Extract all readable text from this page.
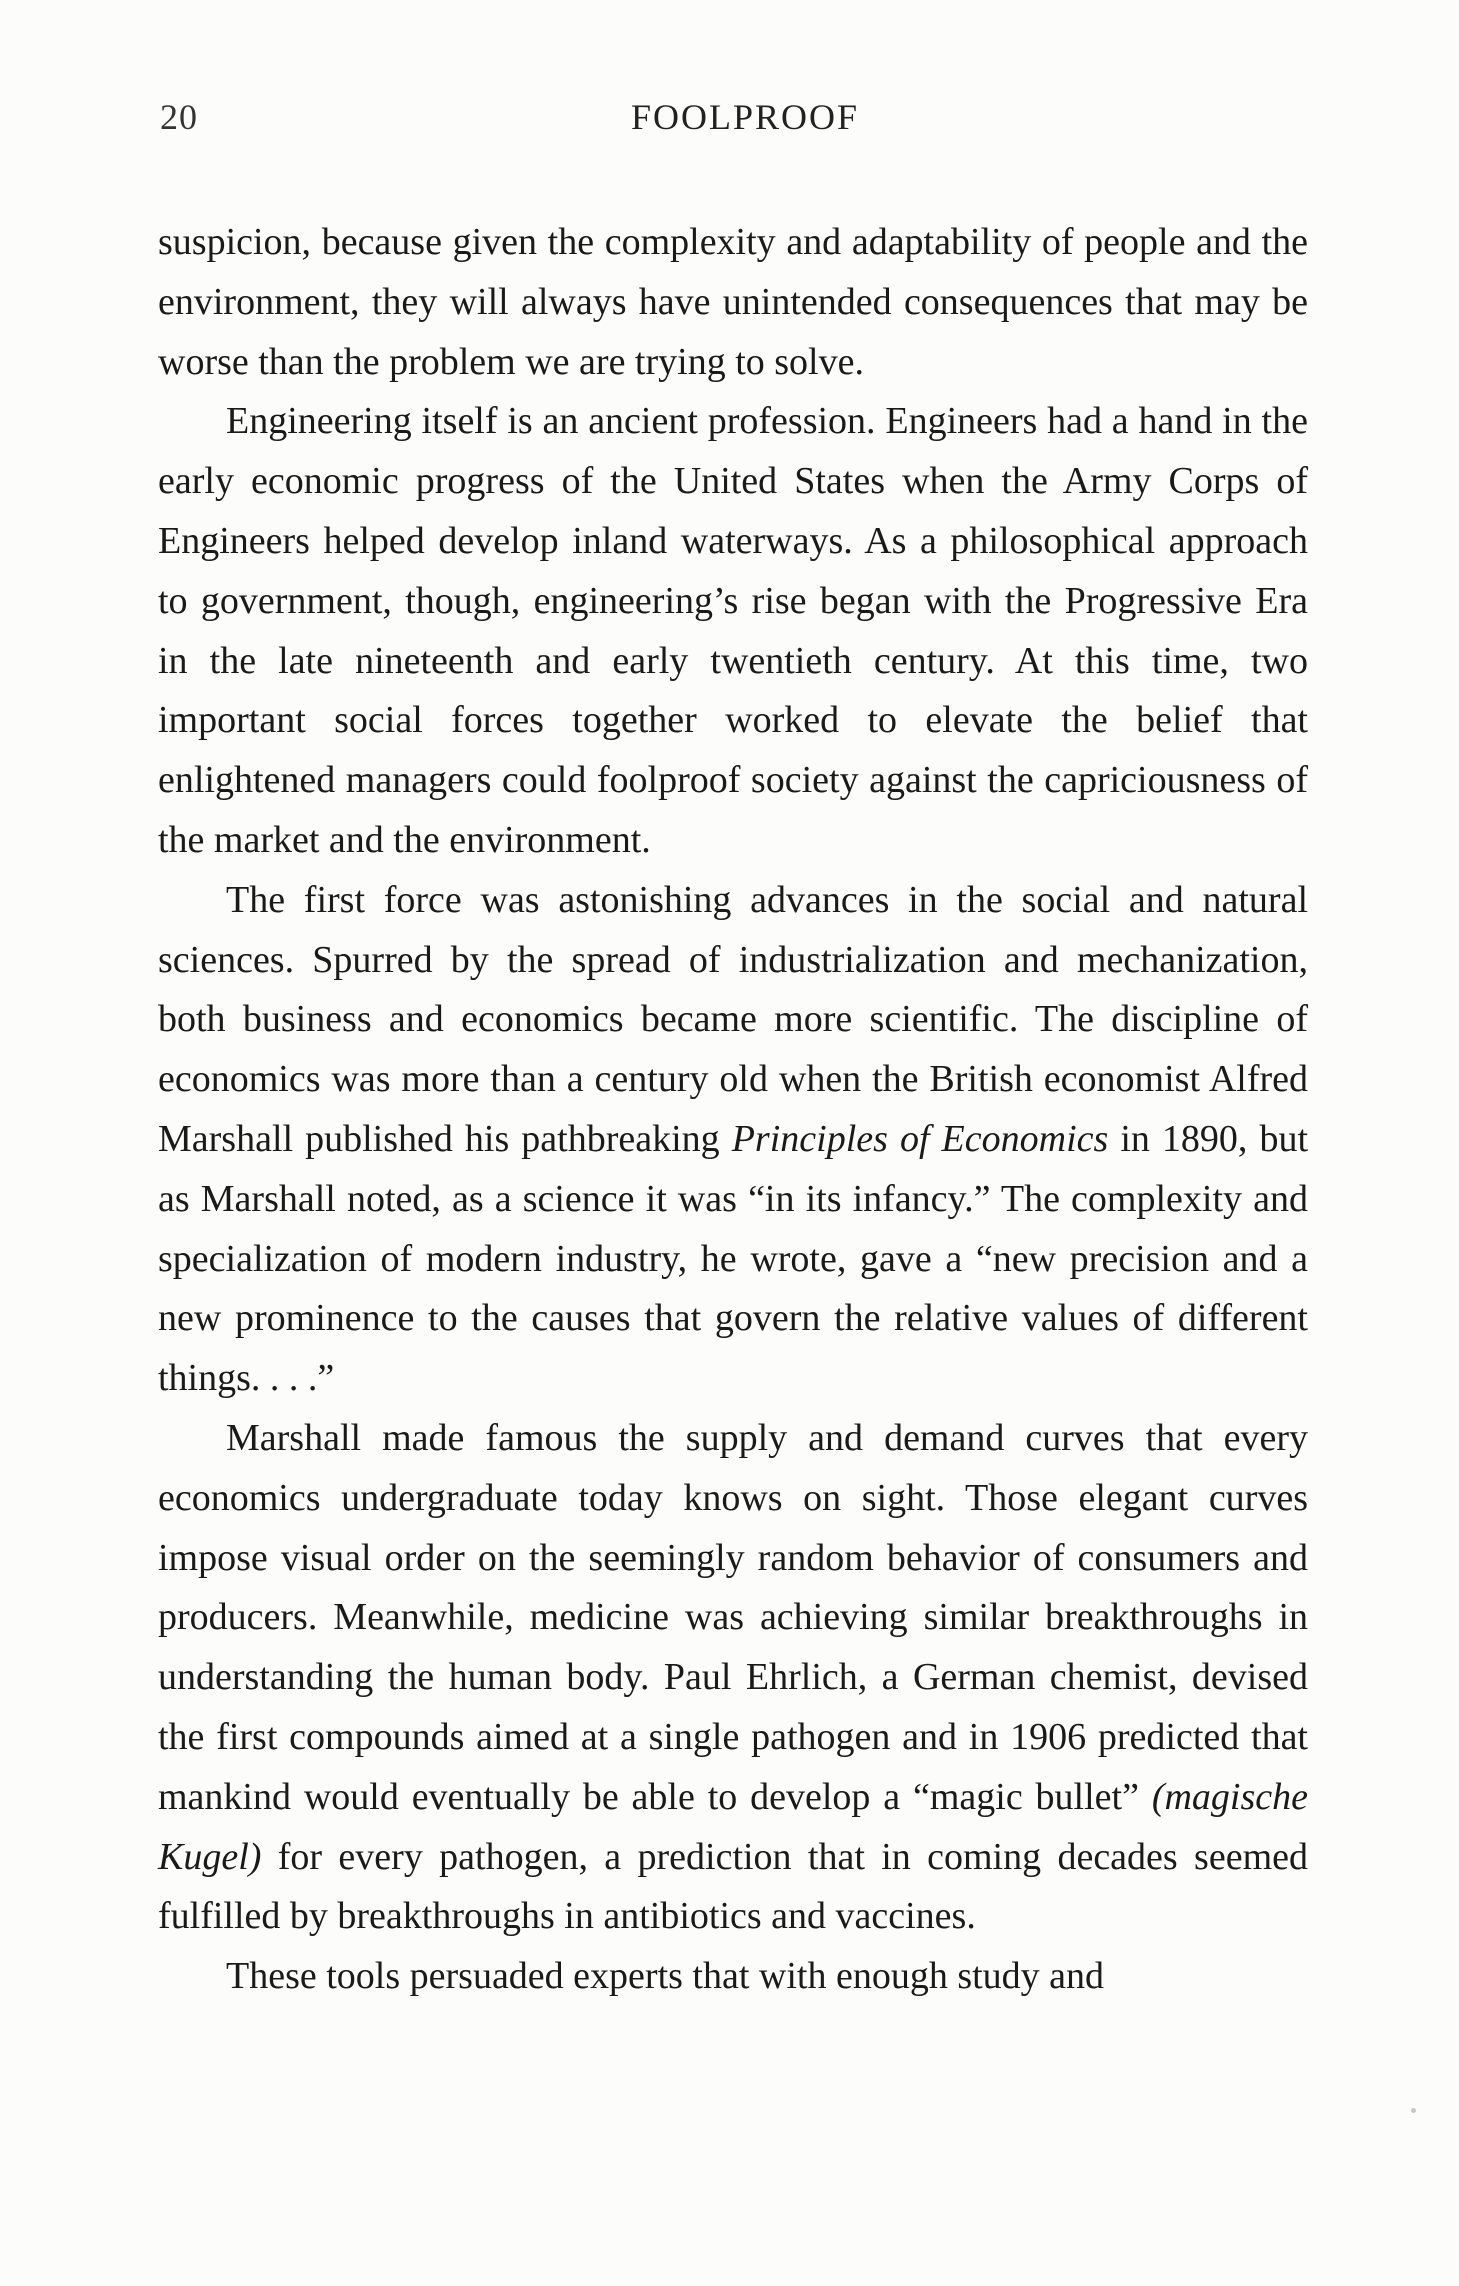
20	FOOLPROOF

suspicion, because given the complexity and adaptability of people and the environment, they will always have unintended consequences that may be worse than the problem we are trying to solve.

Engineering itself is an ancient profession. Engineers had a hand in the early economic progress of the United States when the Army Corps of Engineers helped develop inland waterways. As a philosophical approach to government, though, engineering’s rise began with the Progressive Era in the late nineteenth and early twentieth century. At this time, two important social forces together worked to elevate the belief that enlightened managers could foolproof society against the capriciousness of the market and the environment.

The first force was astonishing advances in the social and natural sciences. Spurred by the spread of industrialization and mechanization, both business and economics became more scientific. The discipline of economics was more than a century old when the British economist Alfred Marshall published his pathbreaking Principles of Economics in 1890, but as Marshall noted, as a science it was “in its infancy.” The complexity and specialization of modern industry, he wrote, gave a “new precision and a new prominence to the causes that govern the relative values of different things. . . .”

Marshall made famous the supply and demand curves that every economics undergraduate today knows on sight. Those elegant curves impose visual order on the seemingly random behavior of consumers and producers. Meanwhile, medicine was achieving similar breakthroughs in understanding the human body. Paul Ehrlich, a German chemist, devised the first compounds aimed at a single pathogen and in 1906 predicted that mankind would eventually be able to develop a “magic bullet” (magische Kugel) for every pathogen, a prediction that in coming decades seemed fulfilled by breakthroughs in antibiotics and vaccines.

These tools persuaded experts that with enough study and
